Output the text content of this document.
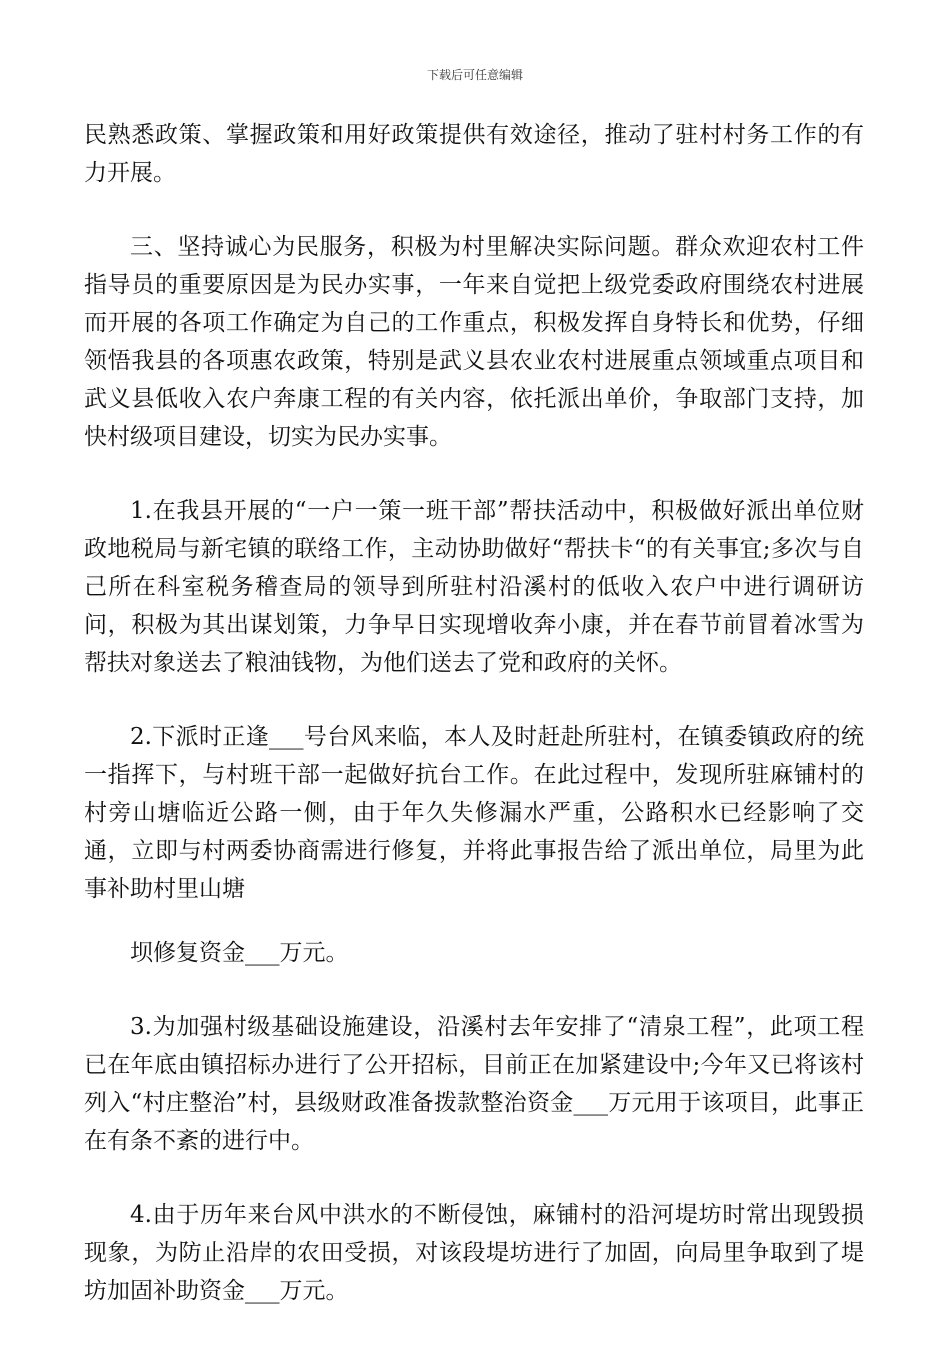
下载后可任意编辑

民熟悉政策、掌握政策和用好政策提供有效途径，推动了驻村村务工作的有力开展。

三、坚持诚心为民服务，积极为村里解决实际问题。群众欢迎农村工件指导员的重要原因是为民办实事，一年来自觉把上级党委政府围绕农村进展而开展的各项工作确定为自己的工作重点，积极发挥自身特长和优势，仔细领悟我县的各项惠农政策，特别是武义县农业农村进展重点领域重点项目和武义县低收入农户奔康工程的有关内容，依托派出单价，争取部门支持，加快村级项目建设，切实为民办实事。

1.在我县开展的“一户一策一班干部”帮扶活动中，积极做好派出单位财政地税局与新宅镇的联络工作，主动协助做好“帮扶卡“的有关事宜;多次与自己所在科室税务稽查局的领导到所驻村沿溪村的低收入农户中进行调研访问，积极为其出谋划策，力争早日实现增收奔小康，并在春节前冒着冰雪为帮扶对象送去了粮油钱物，为他们送去了党和政府的关怀。

2.下派时正逢___号台风来临，本人及时赶赴所驻村，在镇委镇政府的统一指挥下，与村班干部一起做好抗台工作。在此过程中，发现所驻麻铺村的村旁山塘临近公路一侧，由于年久失修漏水严重，公路积水已经影响了交通，立即与村两委协商需进行修复，并将此事报告给了派出单位，局里为此事补助村里山塘

坝修复资金___万元。

3.为加强村级基础设施建设，沿溪村去年安排了“清泉工程”，此项工程已在年底由镇招标办进行了公开招标，目前正在加紧建设中;今年又已将该村列入“村庄整治”村，县级财政准备拨款整治资金___万元用于该项目，此事正在有条不紊的进行中。

4.由于历年来台风中洪水的不断侵蚀，麻铺村的沿河堤坊时常出现毁损现象，为防止沿岸的农田受损，对该段堤坊进行了加固，向局里争取到了堤坊加固补助资金___万元。
